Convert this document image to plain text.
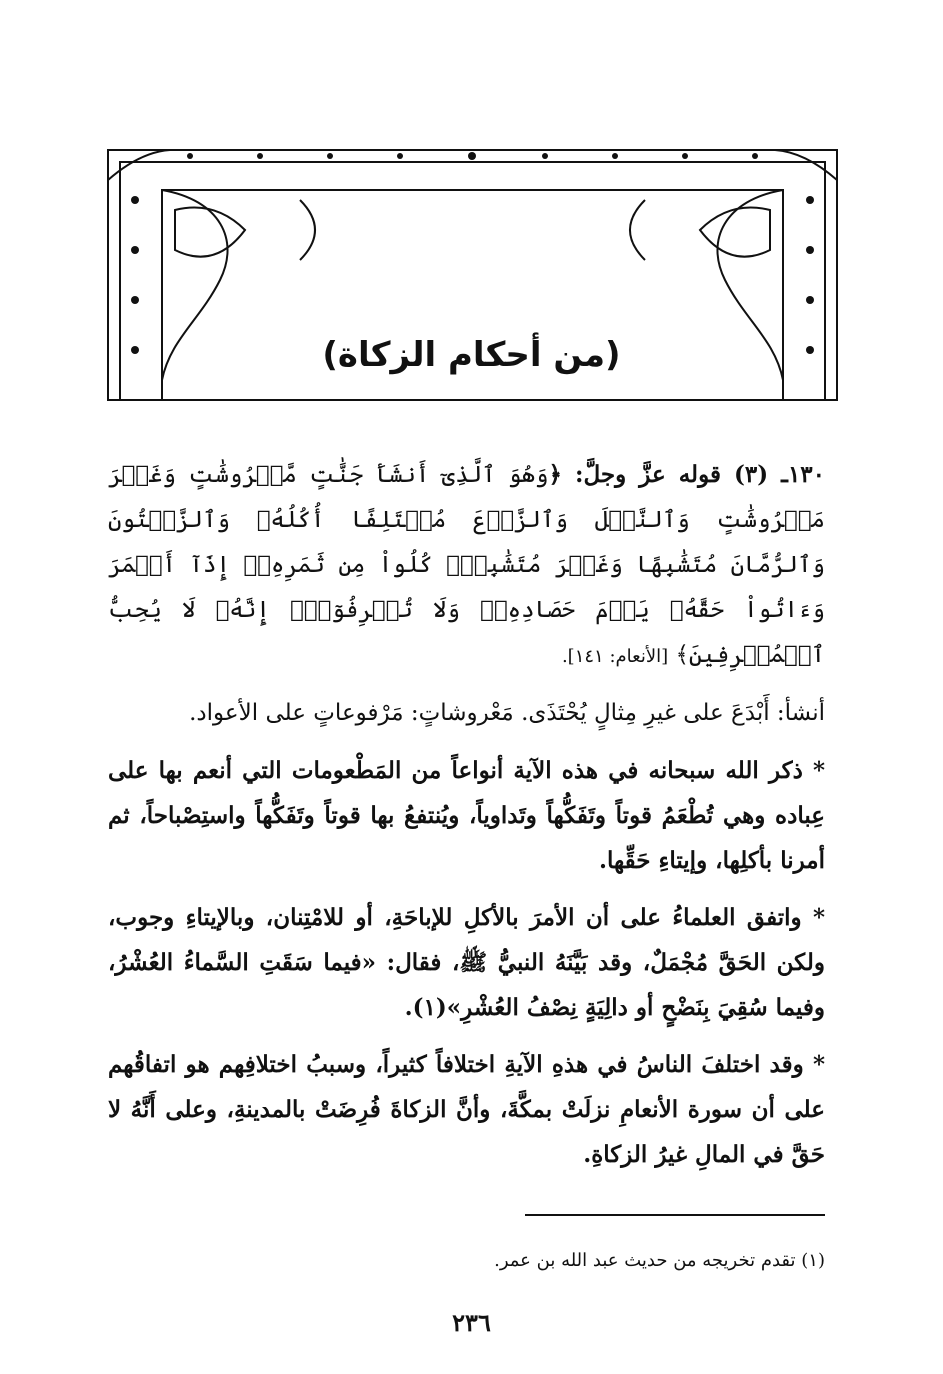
(من أحكام الزكاة)

١٣٠ـ (٣) قوله عزَّ وجلَّ: ﴿وَهُوَ ٱلَّذِىٓ أَنشَأَ جَنَّٰتٍ مَّعۡرُوشَٰتٍ وَغَيۡرَ مَعۡرُوشَٰتٍ وَٱلنَّخۡلَ وَٱلزَّرۡعَ مُخۡتَلِفًا أُكُلُهُۥ وَٱلزَّيۡتُونَ وَٱلرُّمَّانَ مُتَشَٰبِهًا وَغَيۡرَ مُتَشَٰبِهٍۚ كُلُواْ مِن ثَمَرِهِۦٓ إِذَآ أَثۡمَرَ وَءَاتُواْ حَقَّهُۥ يَوۡمَ حَصَادِهِۦۖ وَلَا تُسۡرِفُوٓاْۚ إِنَّهُۥ لَا يُحِبُّ ٱلۡمُسۡرِفِينَ﴾ [الأنعام: ١٤١].

أنشأ: أَبْدَعَ على غيرِ مِثالٍ يُحْتَذَى. مَعْروشاتٍ: مَرْفوعاتٍ على الأعواد.

* ذكر الله سبحانه في هذه الآية أنواعاً من المَطْعومات التي أنعم بها على عِباده وهي تُطْعَمُ قوتاً وتَفَكُّهاً وتَداوياً، ويُنتفعُ بها قوتاً وتَفَكُّهاً واستِصْباحاً، ثم أمرنا بأكلِها، وإيتاءِ حَقِّها.

* واتفق العلماءُ على أن الأمرَ بالأكلِ للإباحَةِ، أو للامْتِنان، وبالإيتاءِ وجوب، ولكن الحَقَّ مُجْمَلٌ، وقد بَيَّنَهُ النبيُّ ﷺ، فقال: «فيما سَقَتِ السَّماءُ العُشْرُ، وفيما سُقِيَ بِنَضْحٍ أو دالِيَةٍ نِصْفُ العُشْرِ»(١).

* وقد اختلفَ الناسُ في هذهِ الآيةِ اختلافاً كثيراً، وسببُ اختلافِهم هو اتفاقُهم على أن سورة الأنعامِ نزلَتْ بمكَّةَ، وأنَّ الزكاةَ فُرِضَتْ بالمدينةِ، وعلى أَنَّهُ لا حَقَّ في المالِ غيرُ الزكاةِ.

(١) تقدم تخريجه من حديث عبد الله بن عمر.
٢٣٦
